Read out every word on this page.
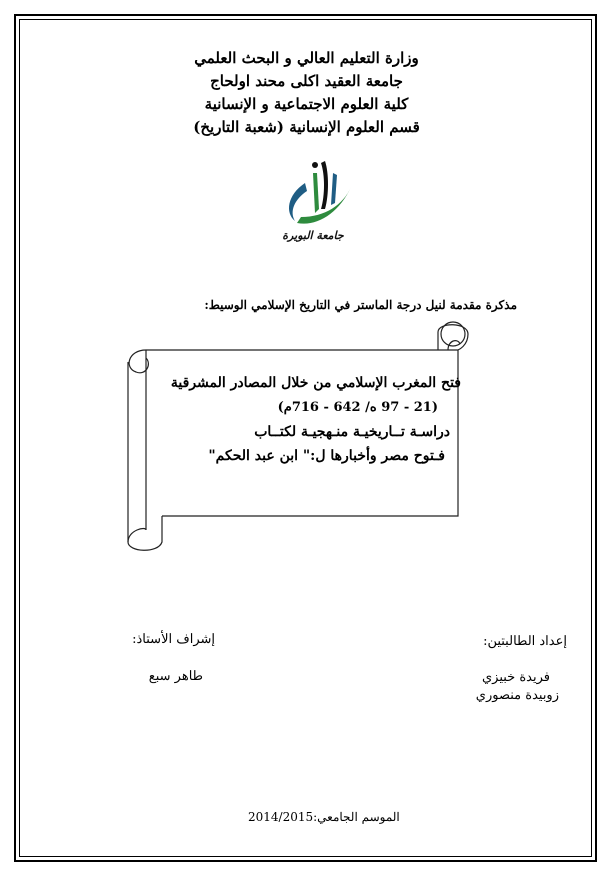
وزارة التعليم العالي و البحث العلمي
جامعة العقيد اكلى محند اولحاج
كلية العلوم الاجتماعية و الإنسانية
قسم العلوم الإنسانية (شعبة التاريخ)
جامعة البويرة
مذكرة مقدمة لنيل درجة الماستر في التاريخ الإسلامي الوسيط:
فتح المغرب الإسلامي من خلال المصادر المشرقية
(21 - 97 ه/ 642 - 716م)
دراسـة تــاريخيـة منـهجيـة لكتــاب
فـتوح مصر وأخبارها ل:" ابن عبد الحكم"
إعداد الطالبتين:
إشراف الأستاذ:
فريدة خبيزي
زوبيدة منصوري
طاهر سبع
الموسم الجامعي:2014/2015
